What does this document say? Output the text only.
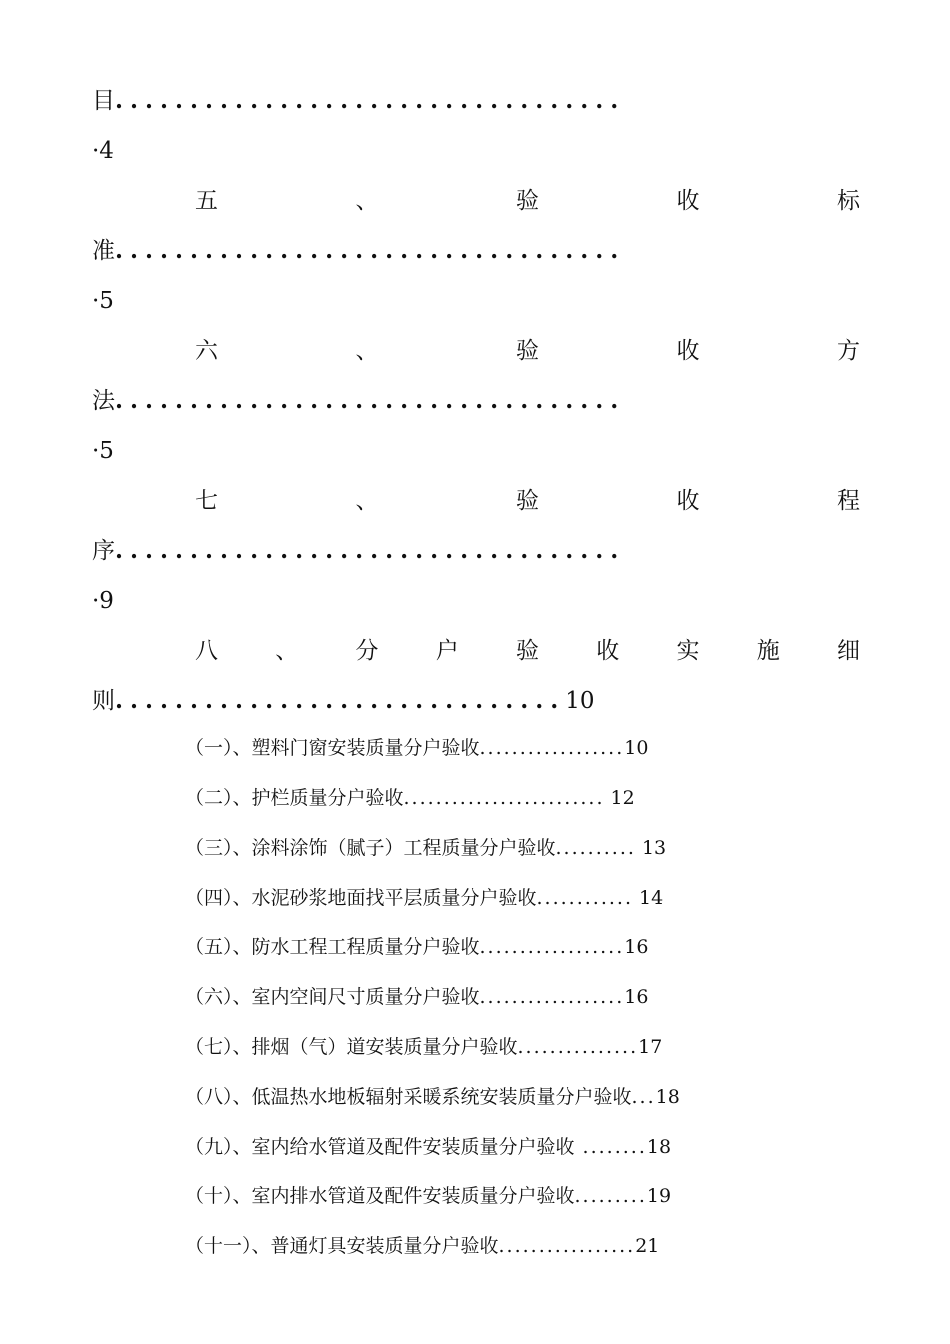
目..................................
·4
五	、	验	收	标
准..................................
·5
六	、	验	收	方
法..................................
·5
七	、	验	收	程
序..................................
·9
八 、 分 户 验 收 实 施 细
则..............................10
（一）、塑料门窗安装质量分户验收..................10
（二）、护栏质量分户验收......................... 12
（三）、涂料涂饰（腻子）工程质量分户验收.......... 13
（四）、水泥砂浆地面找平层质量分户验收............ 14
（五）、防水工程工程质量分户验收..................16
（六）、室内空间尺寸质量分户验收..................16
（七）、排烟（气）道安装质量分户验收...............17
（八）、低温热水地板辐射采暖系统安装质量分户验收...18
（九）、室内给水管道及配件安装质量分户验收 ........18
（十）、室内排水管道及配件安装质量分户验收.........19
（十一）、普通灯具安装质量分户验收.................21
